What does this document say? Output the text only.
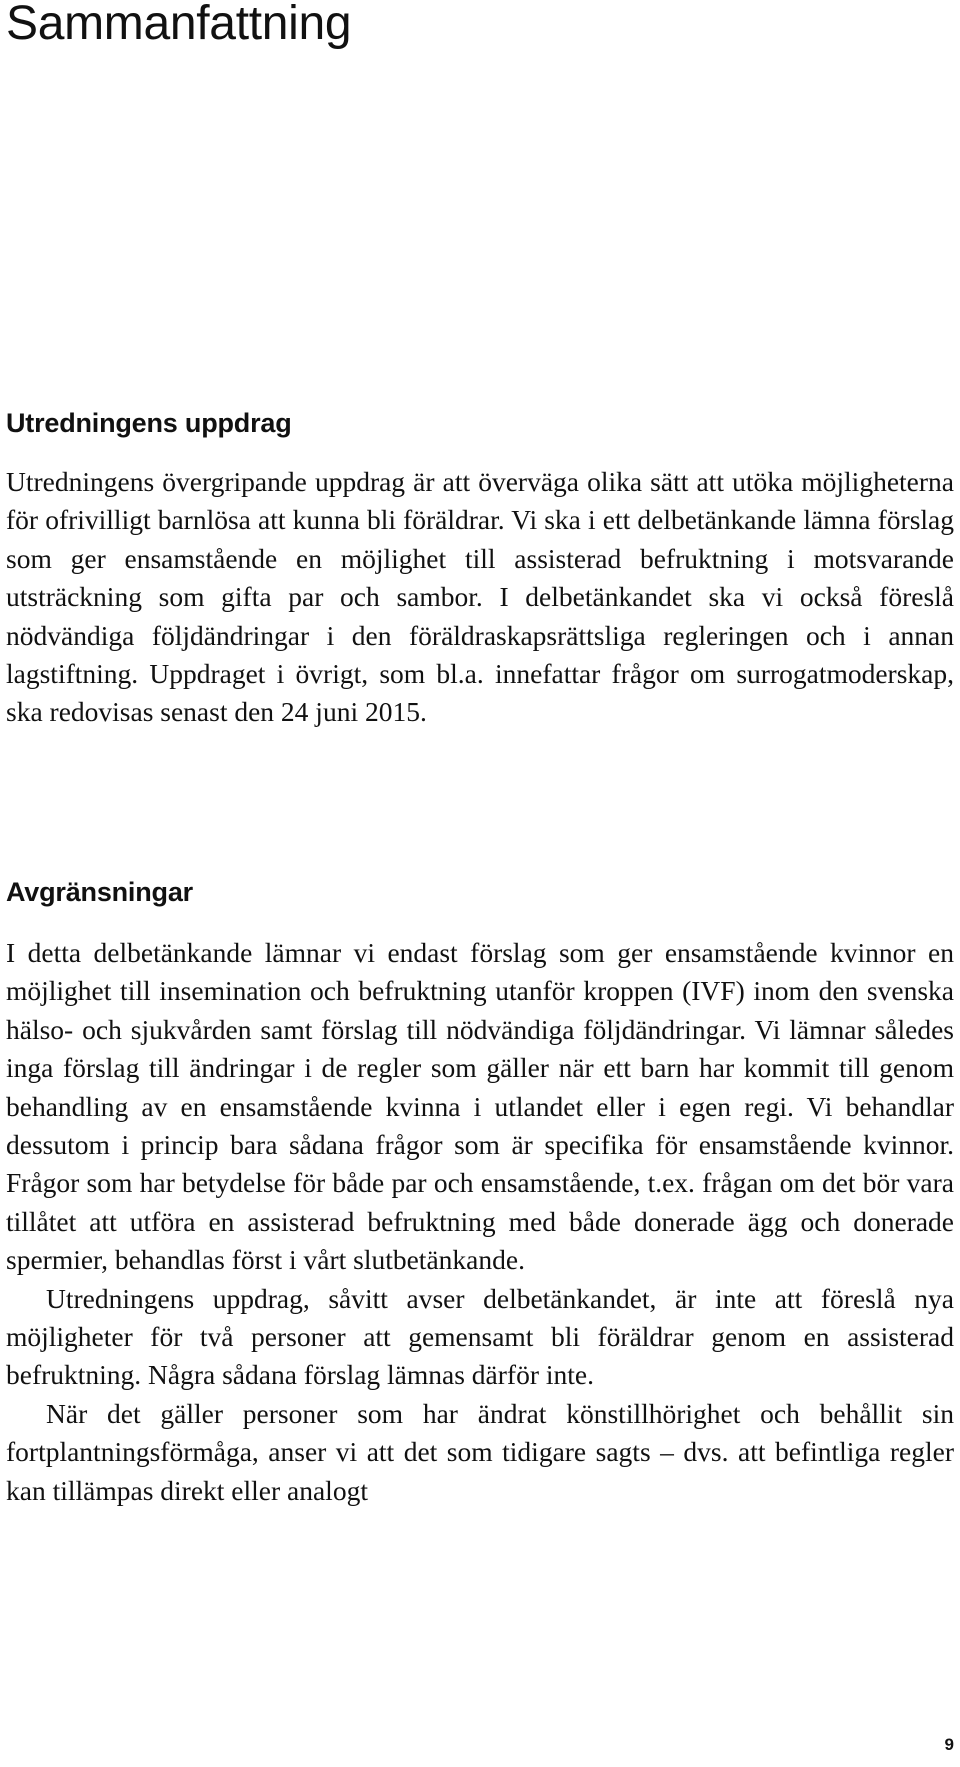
Sammanfattning
Utredningens uppdrag

Utredningens övergripande uppdrag är att överväga olika sätt att utöka möjligheterna för ofrivilligt barnlösa att kunna bli föräldrar. Vi ska i ett delbetänkande lämna förslag som ger ensamstående en möjlighet till assisterad befruktning i motsvarande utsträckning som gifta par och sambor. I delbetänkandet ska vi också föreslå nödvändiga följdändringar i den föräldraskapsrättsliga regleringen och i annan lagstiftning. Uppdraget i övrigt, som bl.a. innefattar frågor om surrogatmoderskap, ska redovisas senast den 24 juni 2015.

Avgränsningar

I detta delbetänkande lämnar vi endast förslag som ger ensamstående kvinnor en möjlighet till insemination och befruktning utanför kroppen (IVF) inom den svenska hälso- och sjukvården samt förslag till nödvändiga följdändringar. Vi lämnar således inga förslag till ändringar i de regler som gäller när ett barn har kommit till genom behandling av en ensamstående kvinna i utlandet eller i egen regi. Vi behandlar dessutom i princip bara sådana frågor som är specifika för ensamstående kvinnor. Frågor som har betydelse för både par och ensamstående, t.ex. frågan om det bör vara tillåtet att utföra en assisterad befruktning med både donerade ägg och donerade spermier, behandlas först i vårt slutbetänkande.

Utredningens uppdrag, såvitt avser delbetänkandet, är inte att föreslå nya möjligheter för två personer att gemensamt bli föräldrar genom en assisterad befruktning. Några sådana förslag lämnas därför inte.

När det gäller personer som har ändrat könstillhörighet och behållit sin fortplantningsförmåga, anser vi att det som tidigare sagts – dvs. att befintliga regler kan tillämpas direkt eller analogt

9
